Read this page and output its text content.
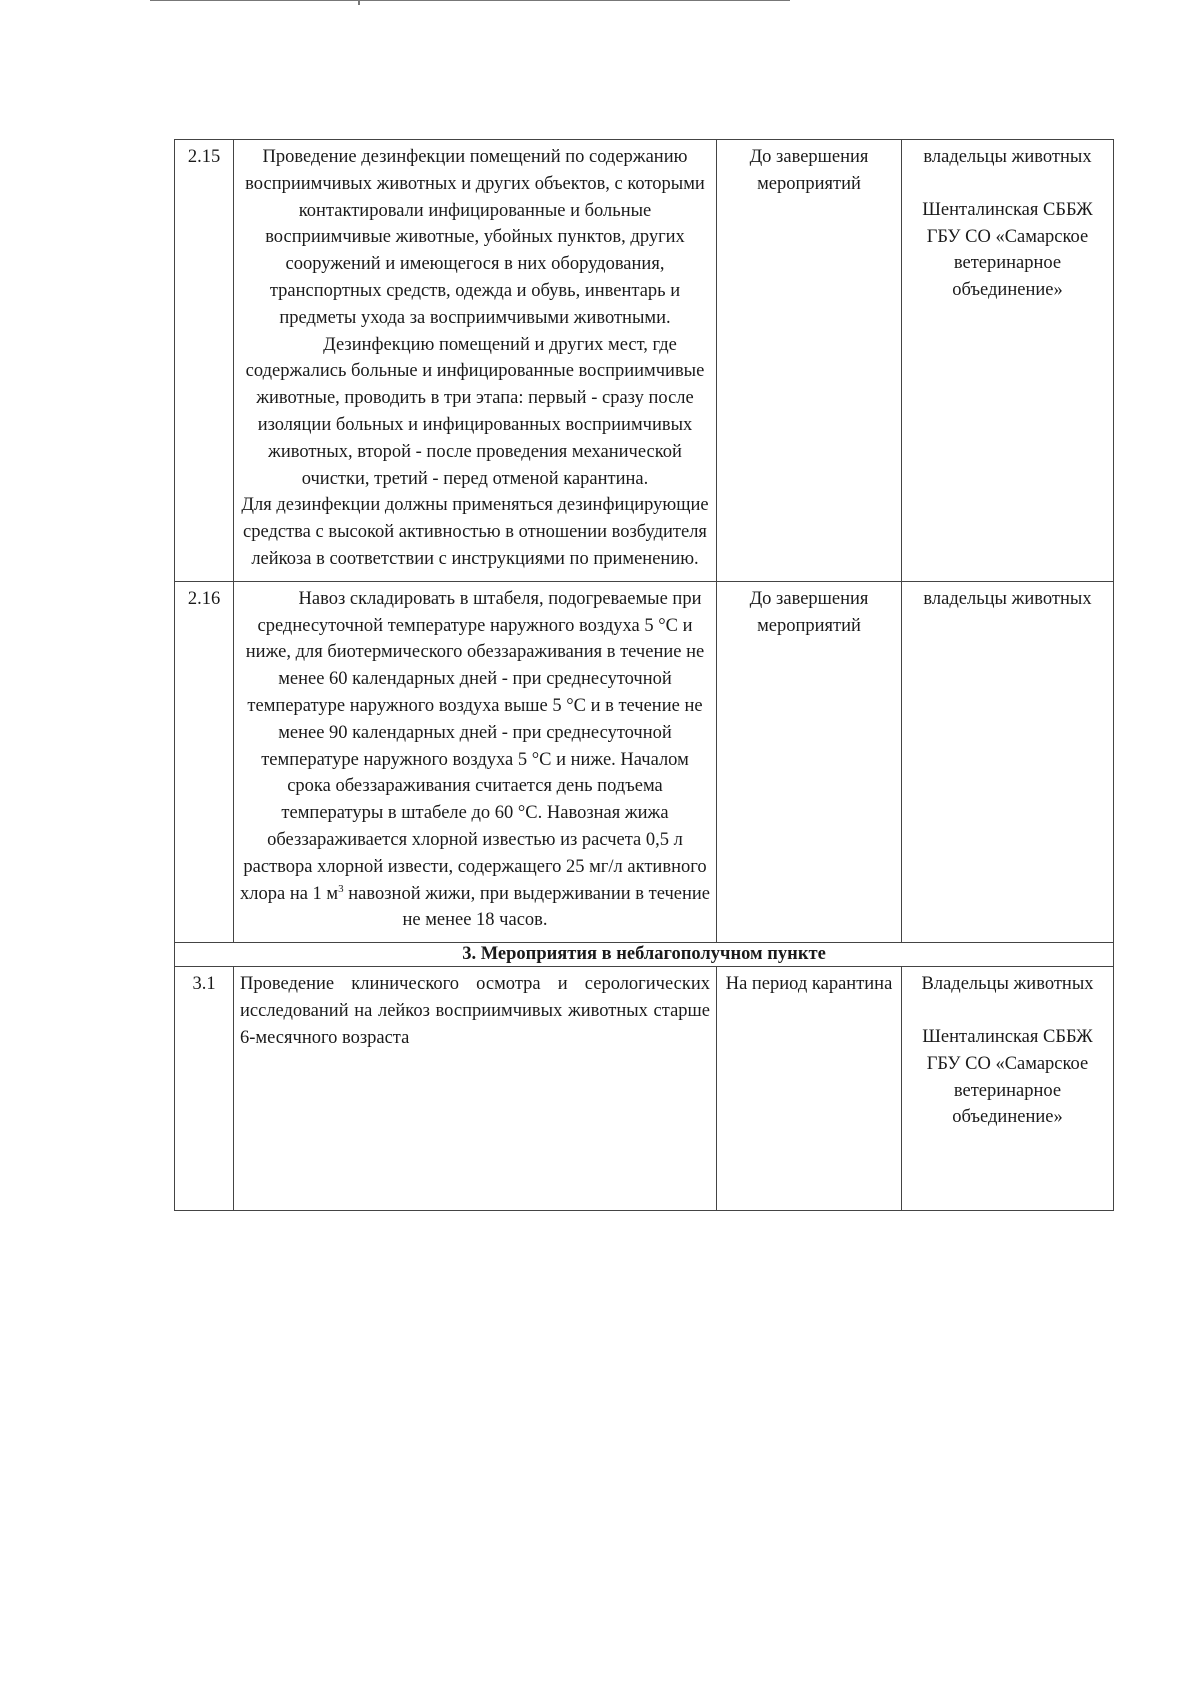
2.15	Проведение дезинфекции помещений по содержанию восприимчивых животных и других объектов, с которыми контактировали инфицированные и больные восприимчивые животные, убойных пунктов, других сооружений и имеющегося в них оборудования, транспортных средств, одежда и обувь, инвентарь и предметы ухода за восприимчивыми животными.
Дезинфекцию помещений и других мест, где содержались больные и инфицированные восприимчивые животные, проводить в три этапа: первый - сразу после изоляции больных и инфицированных восприимчивых животных, второй - после проведения механической очистки, третий - перед отменой карантина.
Для дезинфекции должны применяться дезинфицирующие средства с высокой активностью в отношении возбудителя лейкоза в соответствии с инструкциями по применению.	До завершения мероприятий	владельцы животных
Шенталинская СББЖ ГБУ СО «Самарское ветеринарное объединение»

2.16	Навоз складировать в штабеля, подогреваемые при среднесуточной температуре наружного воздуха 5 °С и ниже, для биотермического обеззараживания в течение не менее 60 календарных дней - при среднесуточной температуре наружного воздуха выше 5 °С и в течение не менее 90 календарных дней - при среднесуточной температуре наружного воздуха 5 °С и ниже. Началом срока обеззараживания считается день подъема температуры в штабеле до 60 °С. Навозная жижа обеззараживается хлорной известью из расчета 0,5 л раствора хлорной извести, содержащего 25 мг/л активного хлора на 1 $м^3$ навозной жижи, при выдерживании в течение не менее 18 часов.	До завершения мероприятий	владельцы животных

3. Мероприятия в неблагополучном пункте			
3.1	Проведение клинического осмотра и серологических исследований на лейкоз восприимчивых животных старше 6-месячного возраста	На период карантина	Владельцы животных
Шенталинская СББЖ ГБУ СО «Самарское ветеринарное объединение»
